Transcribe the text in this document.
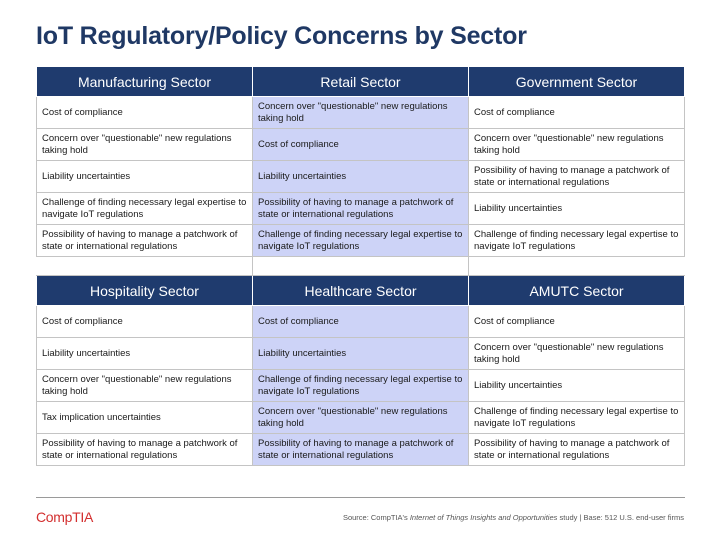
IoT Regulatory/Policy Concerns by Sector
Manufacturing Sector	Retail Sector	Government Sector
Cost of compliance	Concern over "questionable" new regulations taking hold	Cost of compliance
Concern over "questionable" new regulations taking hold	Cost of compliance	Concern over "questionable" new regulations taking hold
Liability uncertainties	Liability uncertainties	Possibility of having to manage a patchwork of state or international regulations
Challenge of finding necessary legal expertise to navigate IoT regulations	Possibility of having to manage a patchwork of state or international regulations	Liability uncertainties
Possibility of having to manage a patchwork of state or international regulations	Challenge of finding necessary legal expertise to navigate IoT regulations	Challenge of finding necessary legal expertise to navigate IoT regulations

Hospitality Sector	Healthcare Sector	AMUTC Sector
Cost of compliance	Cost of compliance	Cost of compliance
Liability uncertainties	Liability uncertainties	Concern over "questionable" new regulations taking hold
Concern over "questionable" new regulations taking hold	Challenge of finding necessary legal expertise to navigate IoT regulations	Liability uncertainties
Tax implication uncertainties	Concern over "questionable" new regulations taking hold	Challenge of finding necessary legal expertise to navigate IoT regulations
Possibility of having to manage a patchwork of state or international regulations	Possibility of having to manage a patchwork of state or international regulations	Possibility of having to manage a patchwork of state or international regulations
CompTIA	Source: CompTIA's Internet of Things Insights and Opportunities study | Base: 512 U.S. end-user firms
